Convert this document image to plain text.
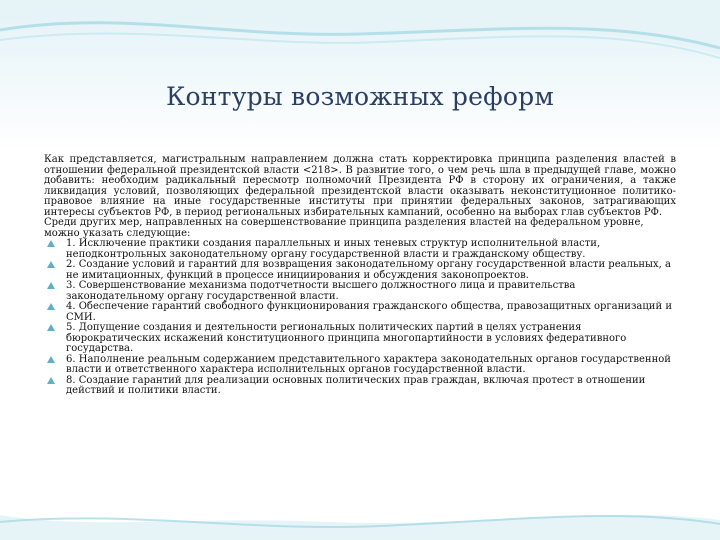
Контуры возможных реформ

Как представляется, магистральным направлением должна стать корректировка принципа разделения властей в отношении федеральной президентской власти <218>. В развитие того, о чем речь шла в предыдущей главе, можно добавить: необходим радикальный пересмотр полномочий Президента РФ в сторону их ограничения, а также ликвидация условий, позволяющих федеральной президентской власти оказывать неконституционное политико-правовое влияние на иные государственные институты при принятии федеральных законов, затрагивающих интересы субъектов РФ, в период региональных избирательных кампаний, особенно на выборах глав субъектов РФ.

Среди других мер, направленных на совершенствование принципа разделения властей на федеральном уровне, можно указать следующие:

1. Исключение практики создания параллельных и иных теневых структур исполнительной власти, неподконтрольных законодательному органу государственной власти и гражданскому обществу.
2. Создание условий и гарантий для возвращения законодательному органу государственной власти реальных, а не имитационных, функций в процессе инициирования и обсуждения законопроектов.
3. Совершенствование механизма подотчетности высшего должностного лица и правительства законодательному органу государственной власти.
4. Обеспечение гарантий свободного функционирования гражданского общества, правозащитных организаций и СМИ.
5. Допущение создания и деятельности региональных политических партий в целях устранения бюрократических искажений конституционного принципа многопартийности в условиях федеративного государства.
6. Наполнение реальным содержанием представительного характера законодательных органов государственной власти и ответственного характера исполнительных органов государственной власти.
8. Создание гарантий для реализации основных политических прав граждан, включая протест в отношении действий и политики власти.
